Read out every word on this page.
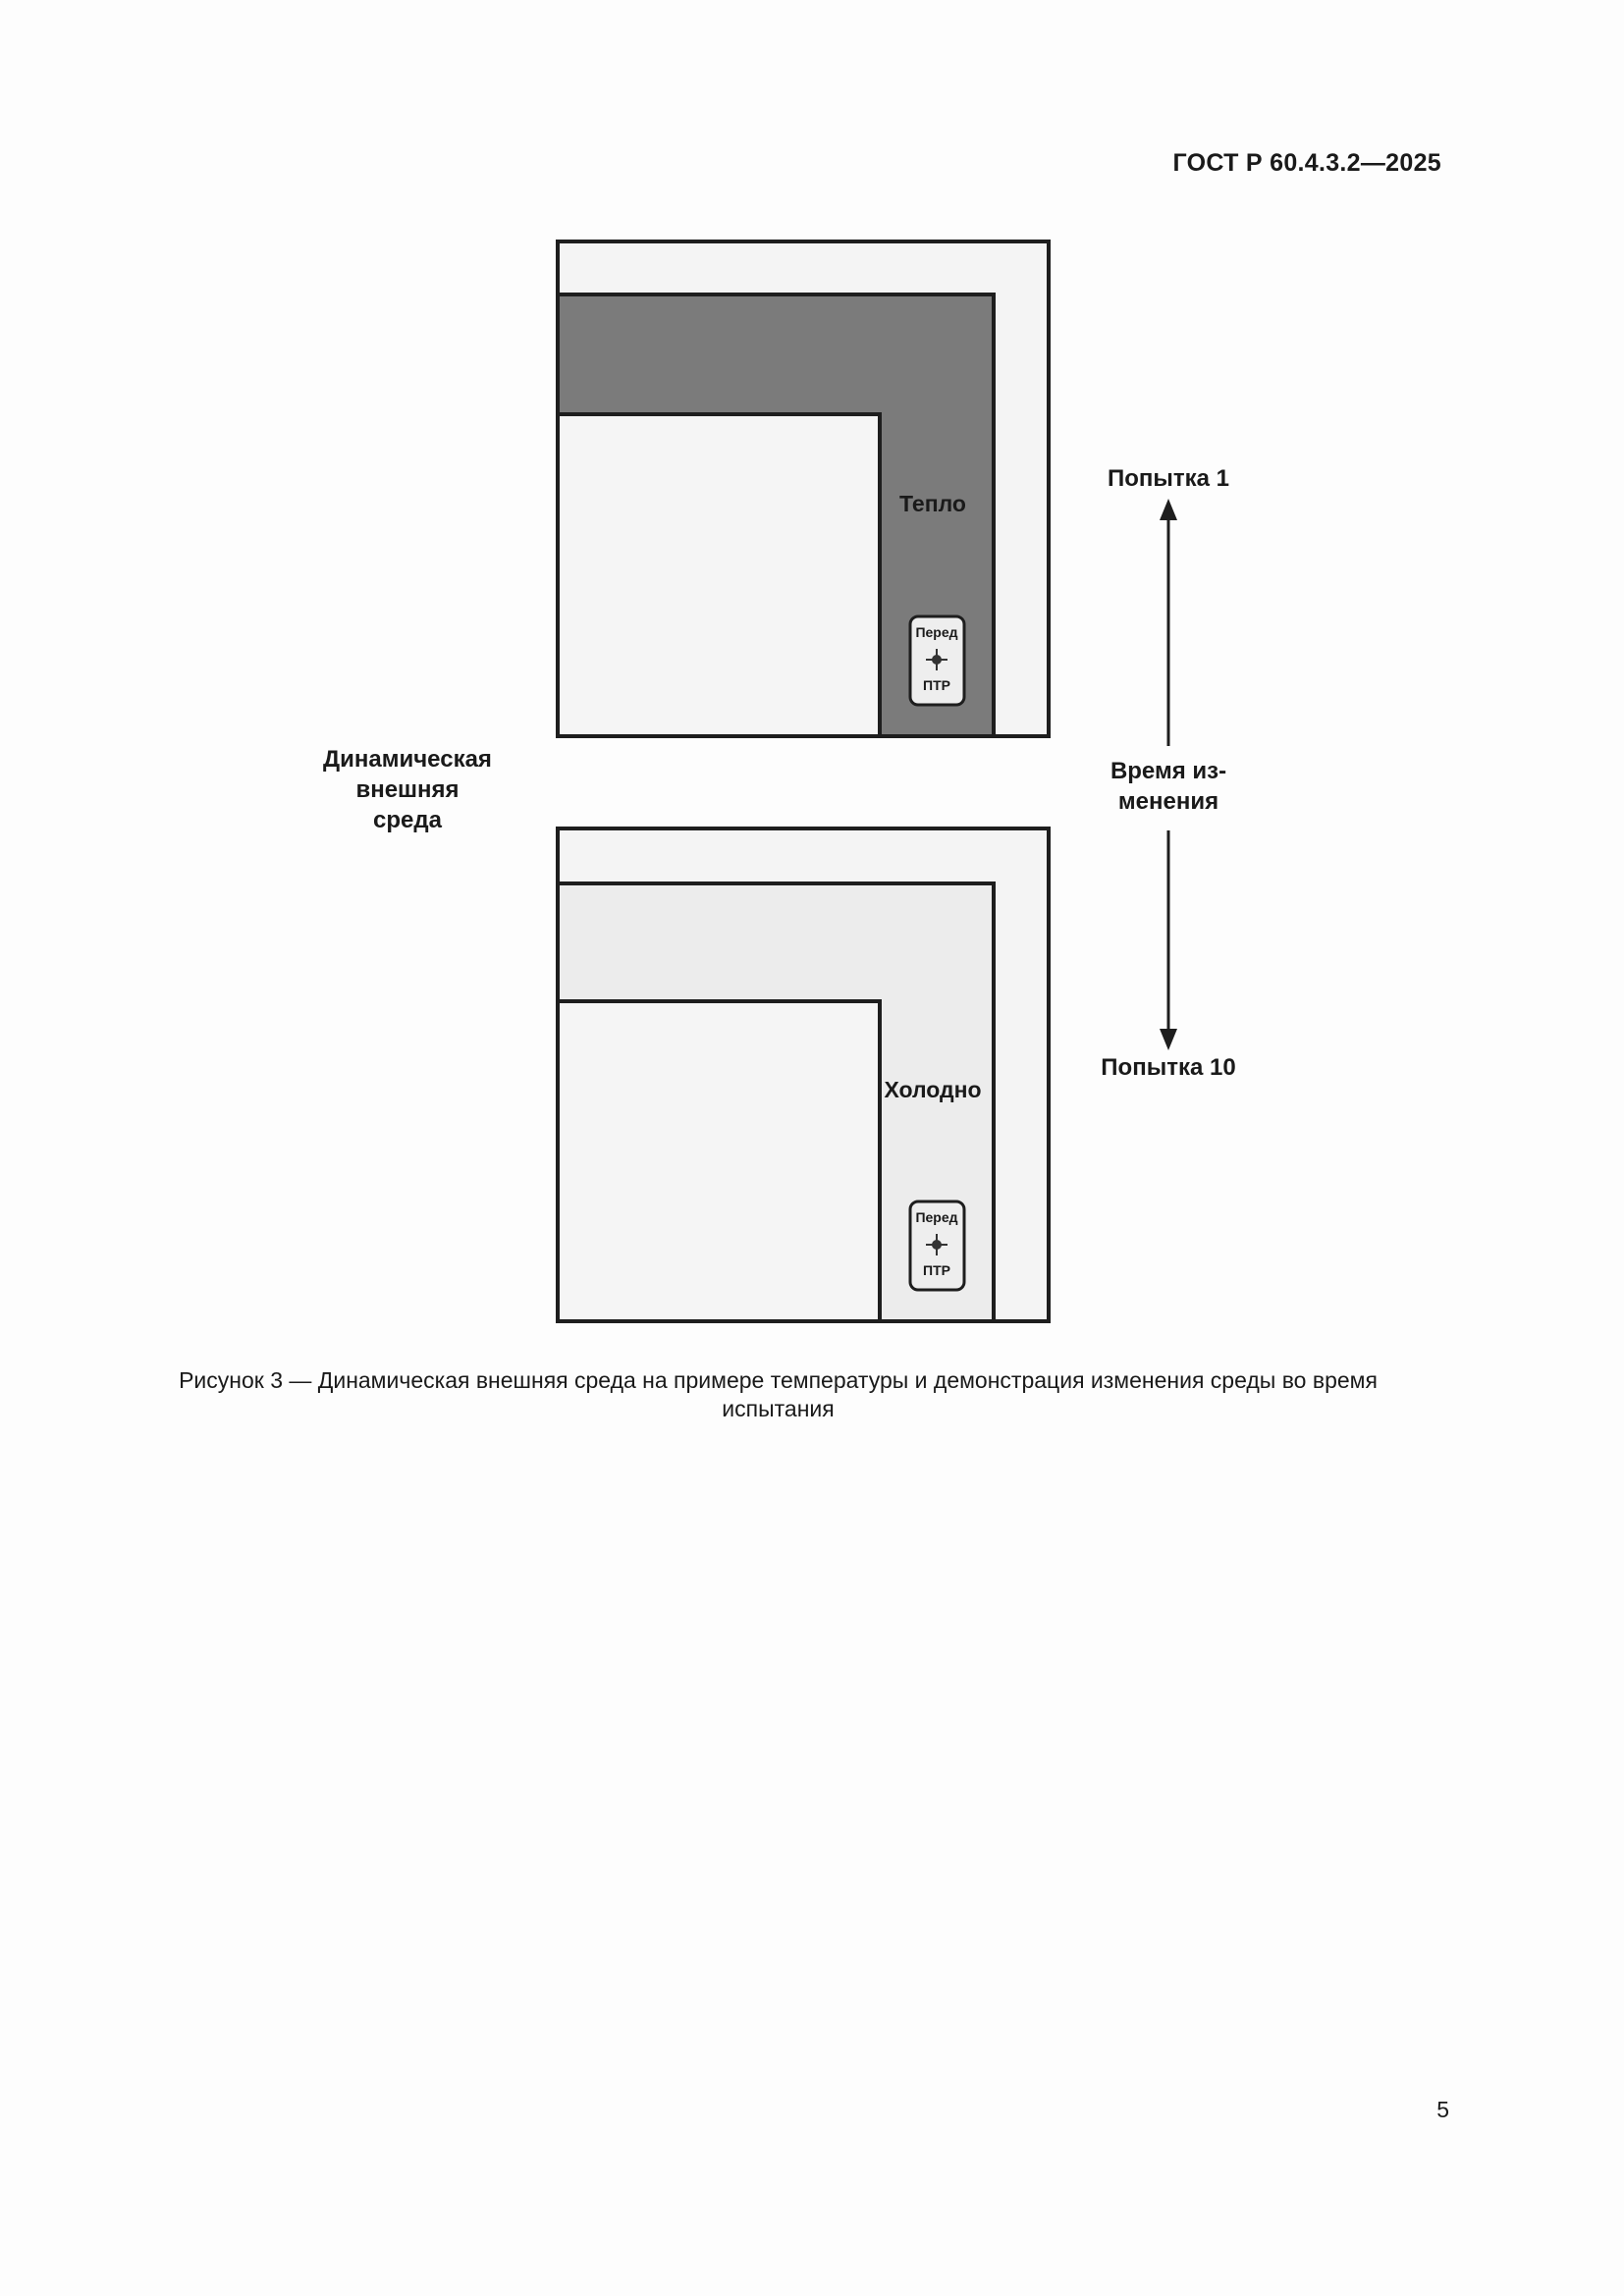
ГОСТ Р 60.4.3.2—2025
Динамическая
внешняя
среда
Время из-
менения
Попытка 1
Попытка 10
Тепло
Холодно
Перед
ПТР
Перед
ПТР
Рисунок 3 — Динамическая внешняя среда на примере температуры и демонстрация изменения среды во время
испытания
5
